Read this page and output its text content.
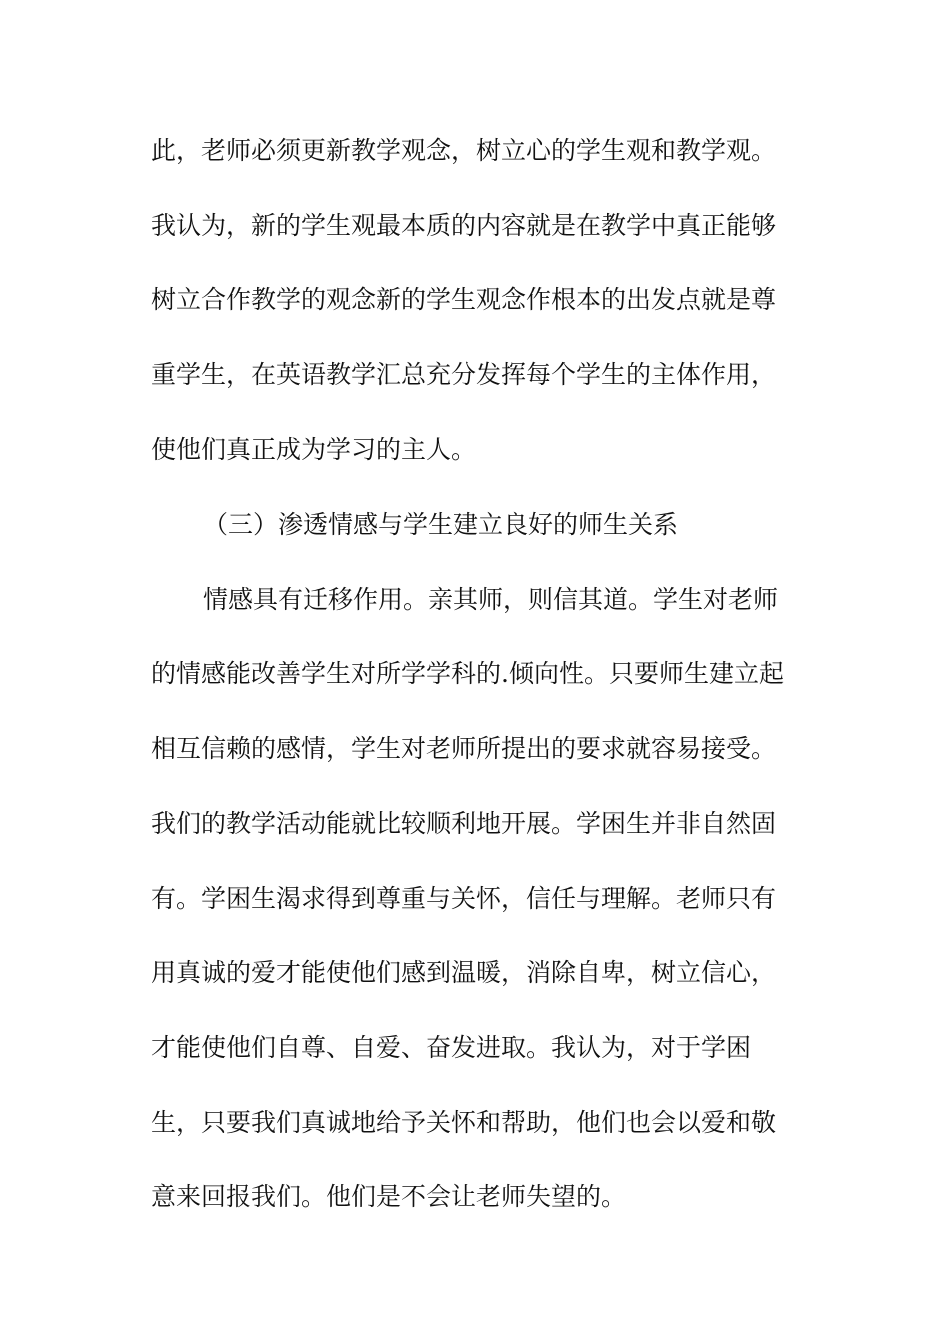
此，老师必须更新教学观念，树立心的学生观和教学观。

我认为，新的学生观最本质的内容就是在教学中真正能够

树立合作教学的观念新的学生观念作根本的出发点就是尊

重学生，在英语教学汇总充分发挥每个学生的主体作用，

使他们真正成为学习的主人。

（三）渗透情感与学生建立良好的师生关系

情感具有迁移作用。亲其师，则信其道。学生对老师

的情感能改善学生对所学学科的.倾向性。只要师生建立起

相互信赖的感情，学生对老师所提出的要求就容易接受。

我们的教学活动能就比较顺利地开展。学困生并非自然固

有。学困生渴求得到尊重与关怀，信任与理解。老师只有

用真诚的爱才能使他们感到温暖，消除自卑，树立信心，

才能使他们自尊、自爱、奋发进取。我认为，对于学困

生，只要我们真诚地给予关怀和帮助，他们也会以爱和敬

意来回报我们。他们是不会让老师失望的。
